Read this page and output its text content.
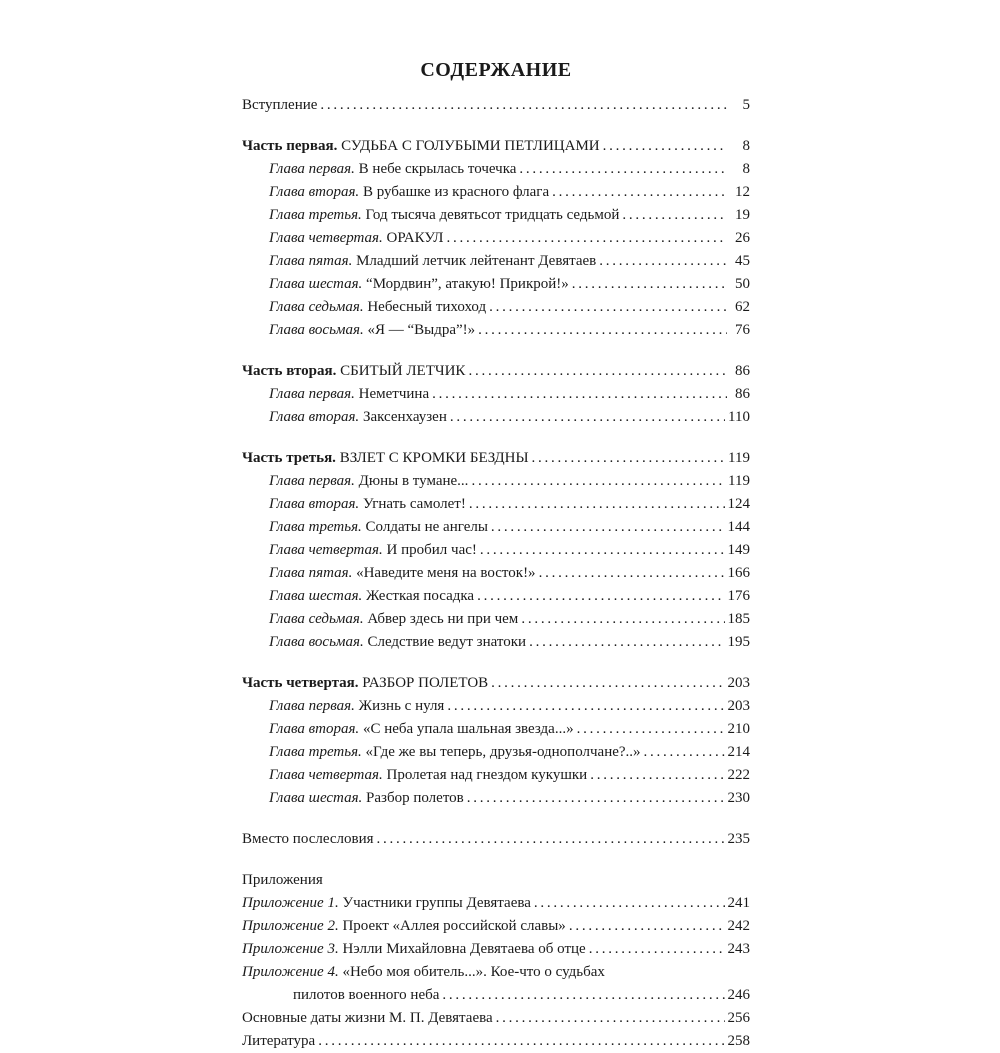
СОДЕРЖАНИЕ
Вступление . . .	5
Часть первая. СУДЬБА С ГОЛУБЫМИ ПЕТЛИЦАМИ . . .	8
Глава первая. В небе скрылась точечка . . .	8
Глава вторая. В рубашке из красного флага . . .	12
Глава третья. Год тысяча девятьсот тридцать седьмой . . .	19
Глава четвертая. ОРАКУЛ . . .	26
Глава пятая. Младший летчик лейтенант Девятаев . . .	45
Глава шестая. “Мордвин”, атакую! Прикрой!» . . .	50
Глава седьмая. Небесный тихоход . . .	62
Глава восьмая. «Я — “Выдра”!» . . .	76
Часть вторая. СБИТЫЙ ЛЕТЧИК . . .	86
Глава первая. Неметчина . . .	86
Глава вторая. Заксенхаузен . . .	110
Часть третья. ВЗЛЕТ С КРОМКИ БЕЗДНЫ . . .	119
Глава первая. Дюны в тумане... . . .	119
Глава вторая. Угнать самолет! . . .	124
Глава третья. Солдаты не ангелы . . .	144
Глава четвертая. И пробил час! . . .	149
Глава пятая. «Наведите меня на восток!» . . .	166
Глава шестая. Жесткая посадка . . .	176
Глава седьмая. Абвер здесь ни при чем . . .	185
Глава восьмая. Следствие ведут знатоки . . .	195
Часть четвертая. РАЗБОР ПОЛЕТОВ . . .	203
Глава первая. Жизнь с нуля . . .	203
Глава вторая. «С неба упала шальная звезда...» . . .	210
Глава третья. «Где же вы теперь, друзья-однополчане?..» . . .	214
Глава четвертая. Пролетая над гнездом кукушки . . .	222
Глава шестая. Разбор полетов . . .	230
Вместо послесловия . . .	235
Приложения
Приложение 1. Участники группы Девятаева . . .	241
Приложение 2. Проект «Аллея российской славы» . . .	242
Приложение 3. Нэлли Михайловна Девятаева об отце . . .	243
Приложение 4. «Небо моя обитель...». Кое-что о судьбах
пилотов военного неба . . .	246
Основные даты жизни М. П. Девятаева . . .	256
Литература . . .	258
